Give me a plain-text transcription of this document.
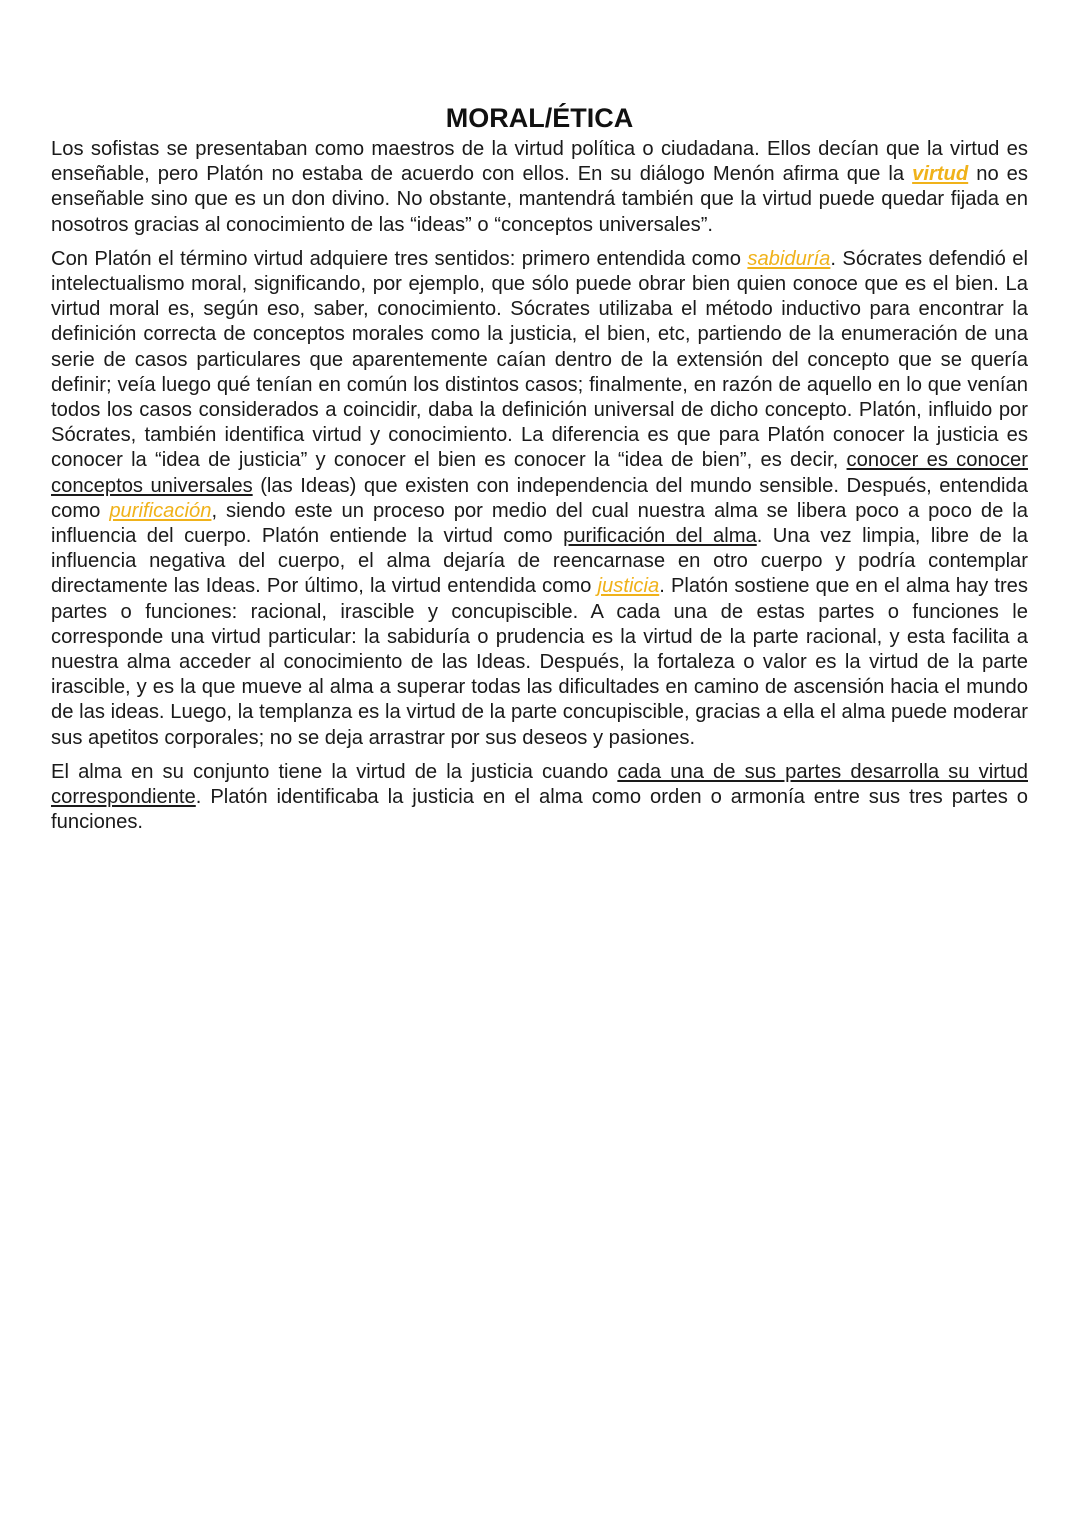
MORAL/ÉTICA

Los sofistas se presentaban como maestros de la virtud política o ciudadana. Ellos decían que la virtud es enseñable, pero Platón no estaba de acuerdo con ellos. En su diálogo Menón afirma que la virtud no es enseñable sino que es un don divino. No obstante, mantendrá también que la virtud puede quedar fijada en nosotros gracias al conocimiento de las “ideas” o “conceptos universales”.

Con Platón el término virtud adquiere tres sentidos: primero entendida como sabiduría. Sócrates defendió el intelectualismo moral, significando, por ejemplo, que sólo puede obrar bien quien conoce que es el bien. La virtud moral es, según eso, saber, conocimiento. Sócrates utilizaba el método inductivo para encontrar la definición correcta de conceptos morales como la justicia, el bien, etc, partiendo de la enumeración de una serie de casos particulares que aparentemente caían dentro de la extensión del concepto que se quería definir; veía luego qué tenían en común los distintos casos; finalmente, en razón de aquello en lo que venían todos los casos considerados a coincidir, daba la definición universal de dicho concepto. Platón, influido por Sócrates, también identifica virtud y conocimiento. La diferencia es que para Platón conocer la justicia es conocer la “idea de justicia” y conocer el bien es conocer la “idea de bien”, es decir, conocer es conocer conceptos universales (las Ideas) que existen con independencia del mundo sensible. Después, entendida como purificación, siendo este un proceso por medio del cual nuestra alma se libera poco a poco de la influencia del cuerpo. Platón entiende la virtud como purificación del alma. Una vez limpia, libre de la influencia negativa del cuerpo, el alma dejaría de reencarnase en otro cuerpo y podría contemplar directamente las Ideas. Por último, la virtud entendida como justicia. Platón sostiene que en el alma hay tres partes o funciones: racional, irascible y concupiscible. A cada una de estas partes o funciones le corresponde una virtud particular: la sabiduría o prudencia es la virtud de la parte racional, y esta facilita a nuestra alma acceder al conocimiento de las Ideas. Después, la fortaleza o valor es la virtud de la parte irascible, y es la que mueve al alma a superar todas las dificultades en camino de ascensión hacia el mundo de las ideas. Luego, la templanza es la virtud de la parte concupiscible, gracias a ella el alma puede moderar sus apetitos corporales; no se deja arrastrar por sus deseos y pasiones.

El alma en su conjunto tiene la virtud de la justicia cuando cada una de sus partes desarrolla su virtud correspondiente. Platón identificaba la justicia en el alma como orden o armonía entre sus tres partes o funciones.
